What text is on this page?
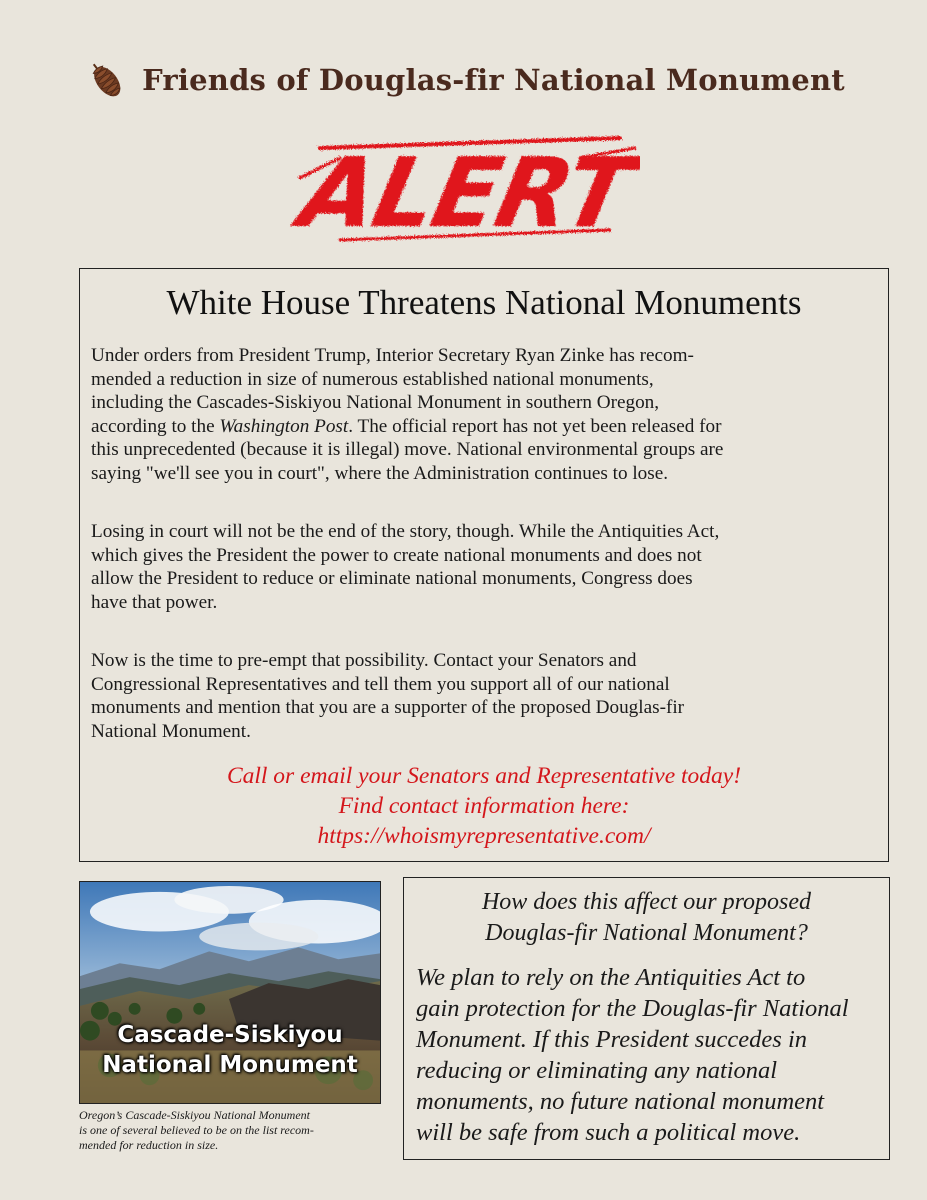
Friends of Douglas-fir National Monument
ALERT
White House Threatens National Monuments
Under orders from President Trump, Interior Secretary Ryan Zinke has recom-
mended a reduction in size of numerous established national monuments,
including the Cascades-Siskiyou National Monument in southern Oregon,
according to the Washington Post. The official report has not yet been released for
this unprecedented (because it is illegal) move. National environmental groups are
saying "we'll see you in court", where the Administration continues to lose.
Losing in court will not be the end of the story, though. While the Antiquities Act,
which gives the President the power to create national monuments and does not
allow the President to reduce or eliminate national monuments, Congress does
have that power.
Now is the time to pre-empt that possibility. Contact your Senators and
Congressional Representatives and tell them you support all of our national
monuments and mention that you are a supporter of the proposed Douglas-fir
National Monument.
Call or email your Senators and Representative today!
Find contact information here:
https://whoismyrepresentative.com/
Cascade-Siskiyou
National Monument
Oregon’s Cascade-Siskiyou National Monument
is one of several believed to be on the list recom-
mended for reduction in size.
How does this affect our proposed
Douglas-fir National Monument?
We plan to rely on the Antiquities Act to
gain protection for the Douglas-fir National
Monument. If this President succedes in
reducing or eliminating any national
monuments, no future national monument
will be safe from such a political move.
